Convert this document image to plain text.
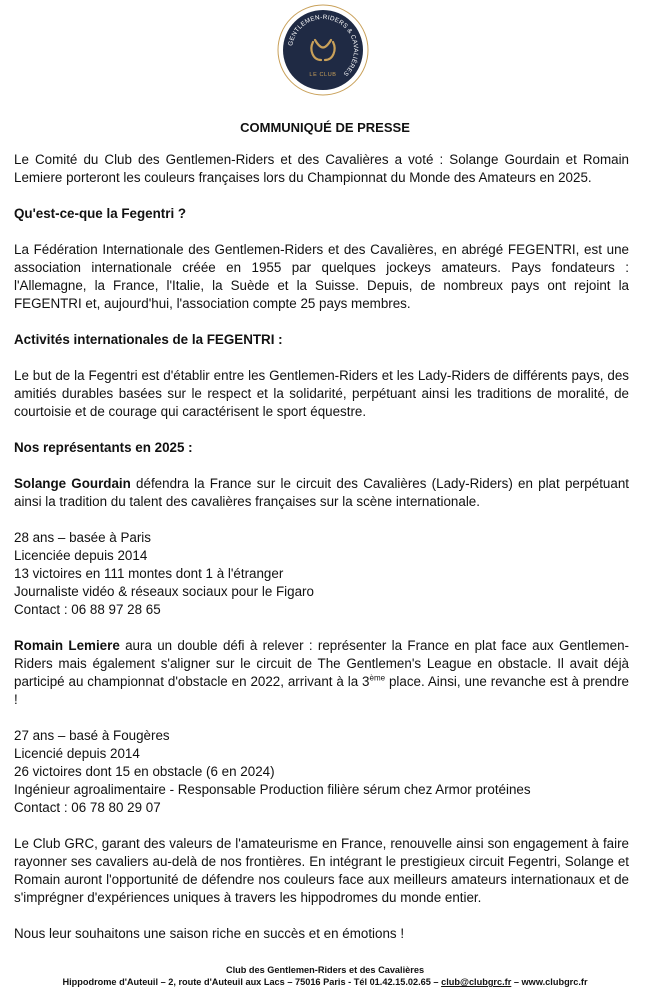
GENTLEMEN-RIDERS & CAVALIÈRES
LE CLUB
COMMUNIQUÉ DE PRESSE

Le Comité du Club des Gentlemen-Riders et des Cavalières a voté : Solange Gourdain et Romain Lemiere porteront les couleurs françaises lors du Championnat du Monde des Amateurs en 2025.

Qu'est-ce-que la Fegentri ?

La Fédération Internationale des Gentlemen-Riders et des Cavalières, en abrégé FEGENTRI, est une association internationale créée en 1955 par quelques jockeys amateurs. Pays fondateurs : l'Allemagne, la France, l'Italie, la Suède et la Suisse. Depuis, de nombreux pays ont rejoint la FEGENTRI et, aujourd'hui, l'association compte 25 pays membres.

Activités internationales de la FEGENTRI :

Le but de la Fegentri est d'établir entre les Gentlemen-Riders et les Lady-Riders de différents pays, des amitiés durables basées sur le respect et la solidarité, perpétuant ainsi les traditions de moralité, de courtoisie et de courage qui caractérisent le sport équestre.

Nos représentants en 2025 :

Solange Gourdain défendra la France sur le circuit des Cavalières (Lady-Riders) en plat perpétuant ainsi la tradition du talent des cavalières françaises sur la scène internationale.

28 ans – basée à Paris

Licenciée depuis 2014

13 victoires en 111 montes dont 1 à l'étranger

Journaliste vidéo & réseaux sociaux pour le Figaro

Contact : 06 88 97 28 65

Romain Lemiere aura un double défi à relever : représenter la France en plat face aux Gentlemen-Riders mais également s'aligner sur le circuit de The Gentlemen's League en obstacle. Il avait déjà participé au championnat d'obstacle en 2022, arrivant à la 3ème place. Ainsi, une revanche est à prendre !

27 ans – basé à Fougères

Licencié depuis 2014

26 victoires dont 15 en obstacle (6 en 2024)

Ingénieur agroalimentaire - Responsable Production filière sérum chez Armor protéines

Contact : 06 78 80 29 07

Le Club GRC, garant des valeurs de l'amateurisme en France, renouvelle ainsi son engagement à faire rayonner ses cavaliers au-delà de nos frontières. En intégrant le prestigieux circuit Fegentri, Solange et Romain auront l'opportunité de défendre nos couleurs face aux meilleurs amateurs internationaux et de s'imprégner d'expériences uniques à travers les hippodromes du monde entier.

Nous leur souhaitons une saison riche en succès et en émotions !

Club des Gentlemen-Riders et des Cavalières
Hippodrome d'Auteuil – 2, route d'Auteuil aux Lacs – 75016 Paris - Tél 01.42.15.02.65 – club@clubgrc.fr – www.clubgrc.fr
